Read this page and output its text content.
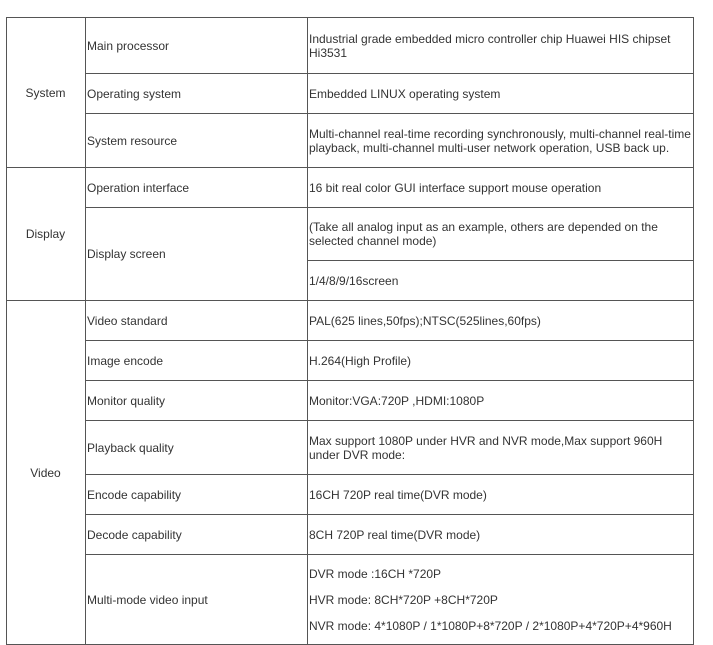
System	Main processor	Industrial grade embedded micro controller chip Huawei HIS chipset Hi3531
	Operating system	Embedded LINUX operating system
	System resource	Multi-channel real-time recording synchronously, multi-channel real-time playback, multi-channel multi-user network operation, USB back up.
Display	Operation interface	16 bit real color GUI interface support mouse operation
	Display screen	(Take all analog input as an example, others are depended on the selected channel mode)
		1/4/8/9/16screen
Video	Video standard	PAL(625 lines,50fps);NTSC(525lines,60fps)
	Image encode	H.264(High Profile)
	Monitor quality	Monitor:VGA:720P ,HDMI:1080P
	Playback quality	Max support 1080P under HVR and NVR mode,Max support 960H under DVR mode:
	Encode capability	16CH 720P real time(DVR mode)
	Decode capability	8CH 720P real time(DVR mode)
	Multi-mode video input	DVR mode :16CH *720P
HVR mode: 8CH*720P +8CH*720P
NVR mode: 4*1080P / 1*1080P+8*720P / 2*1080P+4*720P+4*960H
